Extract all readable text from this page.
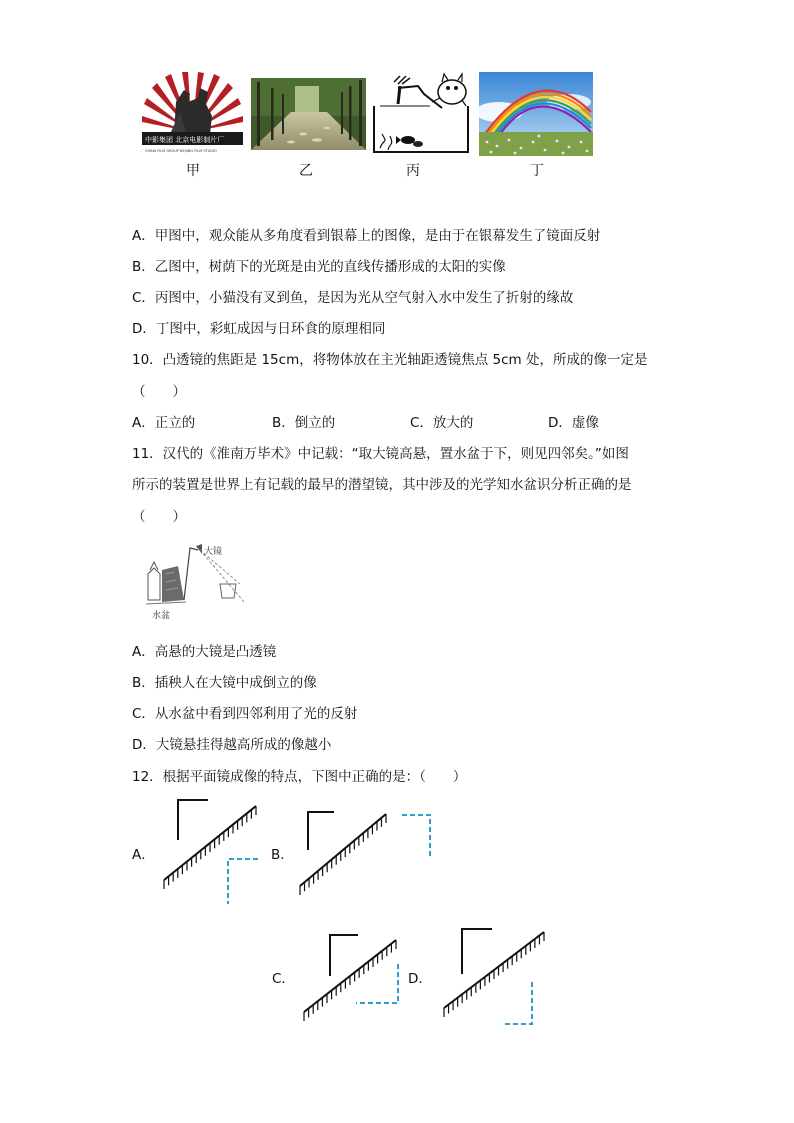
中影集团 北京电影制片厂
CHINA FILM GROUP BEIJING FILM STUDIO
甲	乙	丙	丁
A．甲图中，观众能从多角度看到银幕上的图像，是由于在银幕发生了镜面反射
B．乙图中，树荫下的光斑是由光的直线传播形成的太阳的实像
C．丙图中，小猫没有叉到鱼，是因为光从空气射入水中发生了折射的缘故
D．丁图中，彩虹成因与日环食的原理相同
10．凸透镜的焦距是 15cm，将物体放在主光轴距透镜焦点 5cm 处，所成的像一定是
（　　）
A．正立的	B．倒立的	C．放大的	D．虚像
11．汉代的《淮南万毕术》中记载：“取大镜高悬，置水盆于下，则见四邻矣。”如图
所示的装置是世界上有记载的最早的潜望镜，其中涉及的光学知水盆识分析正确的是
（　　）
大镜
水盆
A．高悬的大镜是凸透镜
B．插秧人在大镜中成倒立的像
C．从水盆中看到四邻利用了光的反射
D．大镜悬挂得越高所成的像越小
12．根据平面镜成像的特点，下图中正确的是：（　　）
A．	B．
C．	D．
